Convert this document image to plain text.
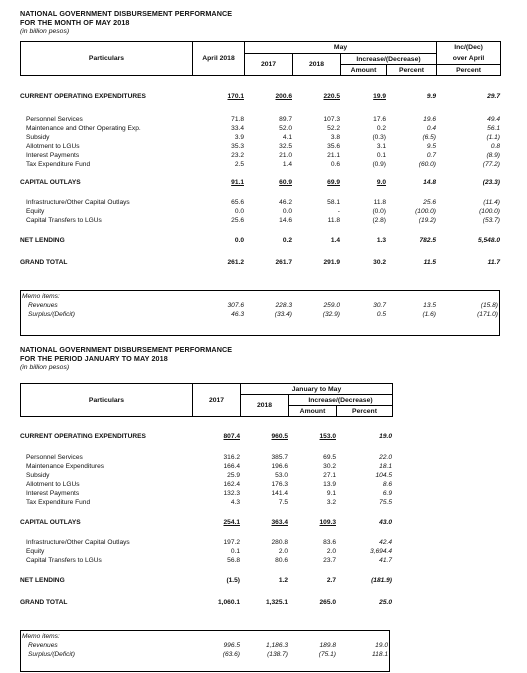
NATIONAL GOVERNMENT DISBURSEMENT PERFORMANCE
FOR THE MONTH OF MAY 2018
(in billion pesos)
Particulars	April 2018	May				Inc/(Dec)
		2017	2018	Increase/(Decrease)		over April
				Amount	Percent	Percent
CURRENT OPERATING EXPENDITURES	170.1	200.6	220.5	19.9	9.9	29.7

Personnel Services	71.8	89.7	107.3	17.6	19.6	49.4
Maintenance and Other Operating Exp.	33.4	52.0	52.2	0.2	0.4	56.1
Subsidy	3.9	4.1	3.8	(0.3)	(6.5)	(1.1)
Allotment to LGUs	35.3	32.5	35.6	3.1	9.5	0.8
Interest Payments	23.2	21.0	21.1	0.1	0.7	(8.9)
Tax Expenditure Fund	2.5	1.4	0.6	(0.9)	(60.0)	(77.2)

CAPITAL OUTLAYS	91.1	60.9	69.9	9.0	14.8	(23.3)

Infrastructure/Other Capital Outlays	65.6	46.2	58.1	11.8	25.6	(11.4)
Equity	0.0	0.0	-	(0.0)	(100.0)	(100.0)
Capital Transfers to LGUs	25.6	14.6	11.8	(2.8)	(19.2)	(53.7)

NET LENDING	0.0	0.2	1.4	1.3	782.5	5,548.0

GRAND TOTAL	261.2	261.7	291.9	30.2	11.5	11.7
Memo items:						
Revenues	307.6	228.3	259.0	30.7	13.5	(15.8)
Surplus/(Deficit)	46.3	(33.4)	(32.9)	0.5	(1.6)	(171.0)
NATIONAL GOVERNMENT DISBURSEMENT PERFORMANCE
FOR THE PERIOD JANUARY TO MAY 2018
(in billion pesos)
Particulars	2017	January to May		
		2018	Increase/(Decrease)	
			Amount	Percent
CURRENT OPERATING EXPENDITURES	807.4	960.5	153.0	19.0

Personnel Services	316.2	385.7	69.5	22.0
Maintenance Expenditures	166.4	196.6	30.2	18.1
Subsidy	25.9	53.0	27.1	104.5
Allotment to LGUs	162.4	176.3	13.9	8.6
Interest Payments	132.3	141.4	9.1	6.9
Tax Expenditure Fund	4.3	7.5	3.2	75.5

CAPITAL OUTLAYS	254.1	363.4	109.3	43.0

Infrastructure/Other Capital Outlays	197.2	280.8	83.6	42.4
Equity	0.1	2.0	2.0	3,694.4
Capital Transfers to LGUs	56.8	80.6	23.7	41.7

NET LENDING	(1.5)	1.2	2.7	(181.9)

GRAND TOTAL	1,060.1	1,325.1	265.0	25.0
Memo items:				
Revenues	996.5	1,186.3	189.8	19.0
Surplus/(Deficit)	(63.6)	(138.7)	(75.1)	118.1
